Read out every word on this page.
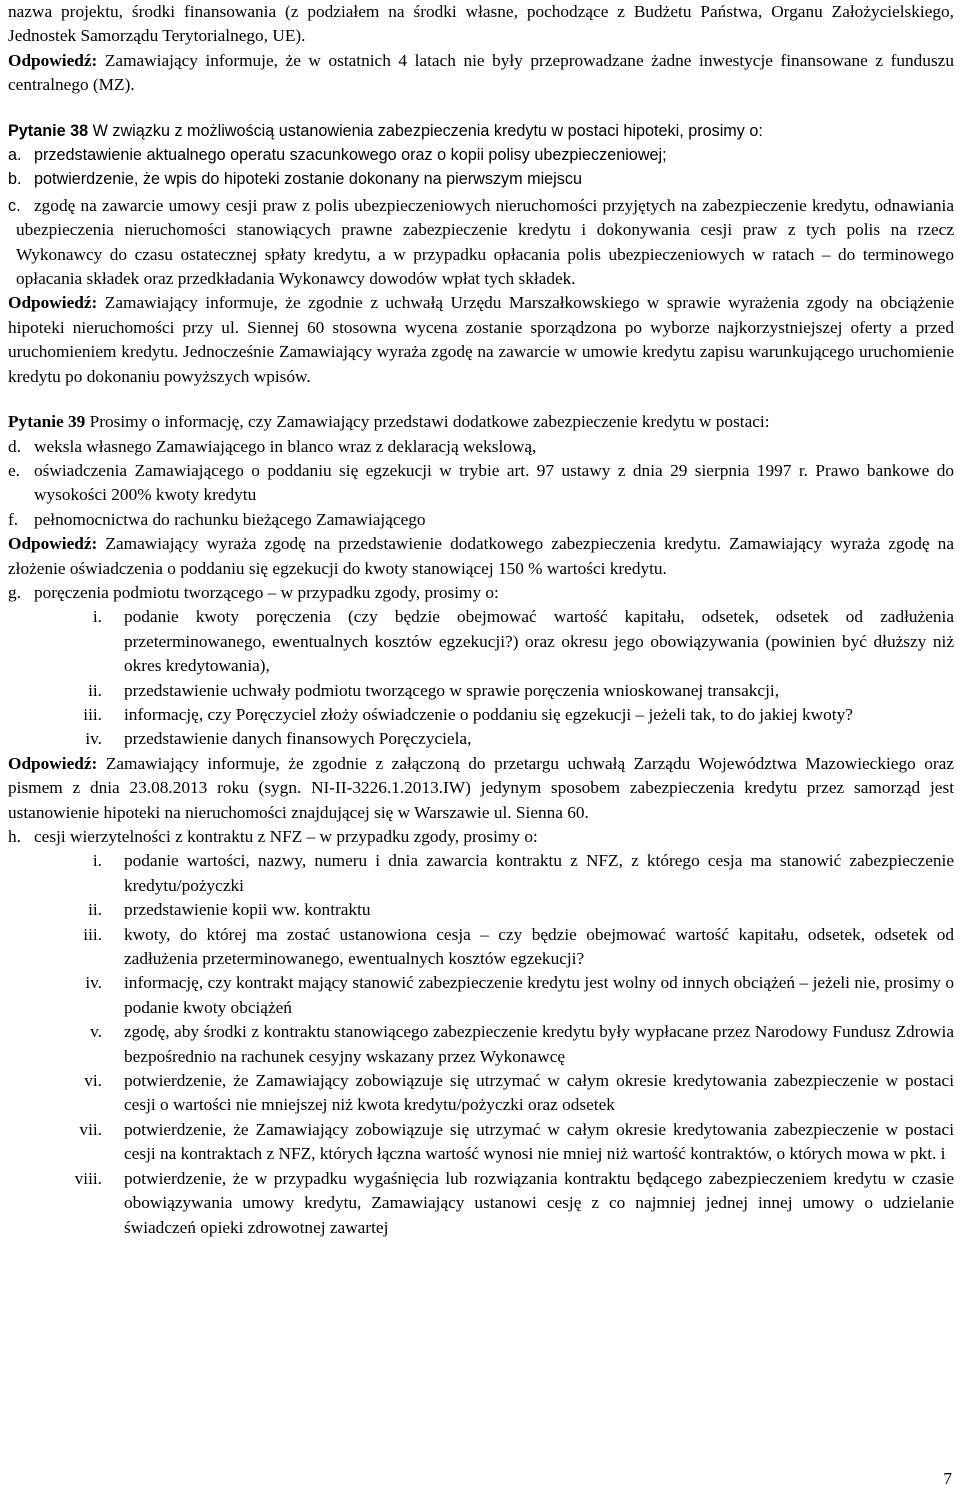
nazwa projektu, środki finansowania (z podziałem na środki własne, pochodzące z Budżetu Państwa, Organu Założycielskiego, Jednostek Samorządu Terytorialnego, UE).
Odpowiedź: Zamawiający informuje, że w ostatnich 4 latach nie były przeprowadzane żadne inwestycje finansowane z funduszu centralnego (MZ).

Pytanie 38 W związku z możliwością ustanowienia zabezpieczenia kredytu w postaci hipoteki, prosimy o:

a. przedstawienie aktualnego operatu szacunkowego oraz o kopii polisy ubezpieczeniowej;
b. potwierdzenie, że wpis do hipoteki zostanie dokonany na pierwszym miejscu
c. zgodę na zawarcie umowy cesji praw z polis ubezpieczeniowych nieruchomości przyjętych na zabezpieczenie kredytu, odnawiania ubezpieczenia nieruchomości stanowiących prawne zabezpieczenie kredytu i dokonywania cesji praw z tych polis na rzecz Wykonawcy do czasu ostatecznej spłaty kredytu, a w przypadku opłacania polis ubezpieczeniowych w ratach – do terminowego opłacania składek oraz przedkładania Wykonawcy dowodów wpłat tych składek.

Odpowiedź: Zamawiający informuje, że zgodnie z uchwałą Urzędu Marszałkowskiego w sprawie wyrażenia zgody na obciążenie hipoteki nieruchomości przy ul. Siennej 60 stosowna wycena zostanie sporządzona po wyborze najkorzystniejszej oferty a przed uruchomieniem kredytu. Jednocześnie Zamawiający wyraża zgodę na zawarcie w umowie kredytu zapisu warunkującego uruchomienie kredytu po dokonaniu powyższych wpisów.

Pytanie 39 Prosimy o informację, czy Zamawiający przedstawi dodatkowe zabezpieczenie kredytu w postaci:

d. weksla własnego Zamawiającego in blanco wraz z deklaracją wekslową,
e. oświadczenia Zamawiającego o poddaniu się egzekucji w trybie art. 97 ustawy z dnia 29 sierpnia 1997 r. Prawo bankowe do wysokości 200% kwoty kredytu
f. pełnomocnictwa do rachunku bieżącego Zamawiającego

Odpowiedź: Zamawiający wyraża zgodę na przedstawienie dodatkowego zabezpieczenia kredytu. Zamawiający wyraża zgodę na złożenie oświadczenia o poddaniu się egzekucji do kwoty stanowiącej 150 % wartości kredytu.

g. poręczenia podmiotu tworzącego – w przypadku zgody, prosimy o:
i.	podanie kwoty poręczenia (czy będzie obejmować wartość kapitału, odsetek, odsetek od zadłużenia przeterminowanego, ewentualnych kosztów egzekucji?) oraz okresu jego obowiązywania (powinien być dłuższy niż okres kredytowania),
ii.	przedstawienie uchwały podmiotu tworzącego w sprawie poręczenia wnioskowanej transakcji,
iii.	informację, czy Poręczyciel złoży oświadczenie o poddaniu się egzekucji – jeżeli tak, to do jakiej kwoty?
iv.	przedstawienie danych finansowych Poręczyciela,

Odpowiedź: Zamawiający informuje, że zgodnie z załączoną do przetargu uchwałą Zarządu Województwa Mazowieckiego oraz pismem z dnia 23.08.2013 roku (sygn. NI-II-3226.1.2013.IW) jedynym sposobem zabezpieczenia kredytu przez samorząd jest ustanowienie hipoteki na nieruchomości znajdującej się w Warszawie ul. Sienna 60.

h. cesji wierzytelności z kontraktu z NFZ – w przypadku zgody, prosimy o:
i.	podanie wartości, nazwy, numeru i dnia zawarcia kontraktu z NFZ, z którego cesja ma stanowić zabezpieczenie kredytu/pożyczki
ii.	przedstawienie kopii ww. kontraktu
iii.	kwoty, do której ma zostać ustanowiona cesja – czy będzie obejmować wartość kapitału, odsetek, odsetek od zadłużenia przeterminowanego, ewentualnych kosztów egzekucji?
iv.	informację, czy kontrakt mający stanowić zabezpieczenie kredytu jest wolny od innych obciążeń – jeżeli nie, prosimy o podanie kwoty obciążeń
v.	zgodę, aby środki z kontraktu stanowiącego zabezpieczenie kredytu były wypłacane przez Narodowy Fundusz Zdrowia bezpośrednio na rachunek cesyjny wskazany przez Wykonawcę
vi.	potwierdzenie, że Zamawiający zobowiązuje się utrzymać w całym okresie kredytowania zabezpieczenie w postaci cesji o wartości nie mniejszej niż kwota kredytu/pożyczki oraz odsetek
vii.	potwierdzenie, że Zamawiający zobowiązuje się utrzymać w całym okresie kredytowania zabezpieczenie w postaci cesji na kontraktach z NFZ, których łączna wartość wynosi nie mniej niż wartość kontraktów, o których mowa w pkt. i
viii.	potwierdzenie, że w przypadku wygaśnięcia lub rozwiązania kontraktu będącego zabezpieczeniem kredytu w czasie obowiązywania umowy kredytu, Zamawiający ustanowi cesję z co najmniej jednej innej umowy o udzielanie świadczeń opieki zdrowotnej zawartej
7
